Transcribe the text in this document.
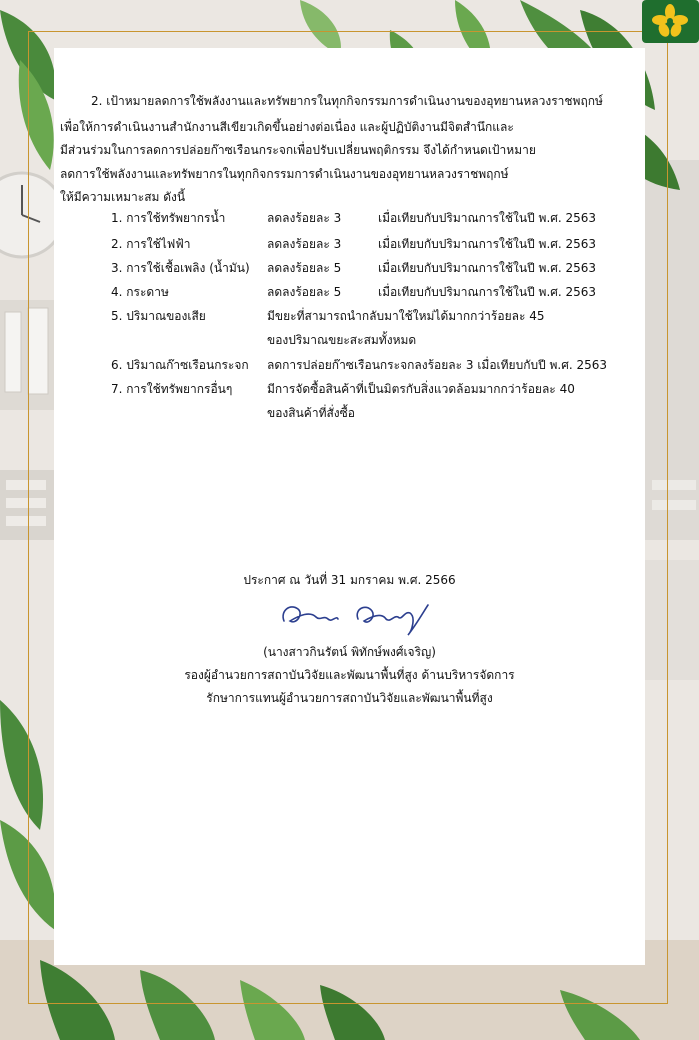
2. เป้าหมายลดการใช้พลังงานและทรัพยากรในทุกกิจกรรมการดำเนินงานของอุทยานหลวงราชพฤกษ์
เพื่อให้การดำเนินงานสำนักงานสีเขียวเกิดขึ้นอย่างต่อเนื่อง และผู้ปฏิบัติงานมีจิตสำนึกและ
มีส่วนร่วมในการลดการปล่อยก๊าซเรือนกระจกเพื่อปรับเปลี่ยนพฤติกรรม จึงได้กำหนดเป้าหมาย
ลดการใช้พลังงานและทรัพยากรในทุกกิจกรรมการดำเนินงานของอุทยานหลวงราชพฤกษ์
ให้มีความเหมาะสม ดังนี้
1. การใช้ทรัพยากรน้ำ	ลดลงร้อยละ 3	เมื่อเทียบกับปริมาณการใช้ในปี พ.ศ. 2563
2. การใช้ไฟฟ้า	ลดลงร้อยละ 3	เมื่อเทียบกับปริมาณการใช้ในปี พ.ศ. 2563
3. การใช้เชื้อเพลิง (น้ำมัน) ลดลงร้อยละ 5	เมื่อเทียบกับปริมาณการใช้ในปี พ.ศ. 2563
4. กระดาษ	ลดลงร้อยละ 5	เมื่อเทียบกับปริมาณการใช้ในปี พ.ศ. 2563
5. ปริมาณของเสีย	มีขยะที่สามารถนำกลับมาใช้ใหม่ได้มากกว่าร้อยละ 45
ของปริมาณขยะสะสมทั้งหมด
6. ปริมาณก๊าซเรือนกระจก ลดการปล่อยก๊าซเรือนกระจกลงร้อยละ 3 เมื่อเทียบกับปี พ.ศ. 2563
7. การใช้ทรัพยากรอื่นๆ	มีการจัดซื้อสินค้าที่เป็นมิตรกับสิ่งแวดล้อมมากกว่าร้อยละ 40
ของสินค้าที่สั่งซื้อ
ประกาศ ณ วันที่ 31 มกราคม พ.ศ. 2566
(นางสาวกินรัตน์ พิทักษ์พงศ์เจริญ)
รองผู้อำนวยการสถาบันวิจัยและพัฒนาพื้นที่สูง ด้านบริหารจัดการ
รักษาการแทนผู้อำนวยการสถาบันวิจัยและพัฒนาพื้นที่สูง
